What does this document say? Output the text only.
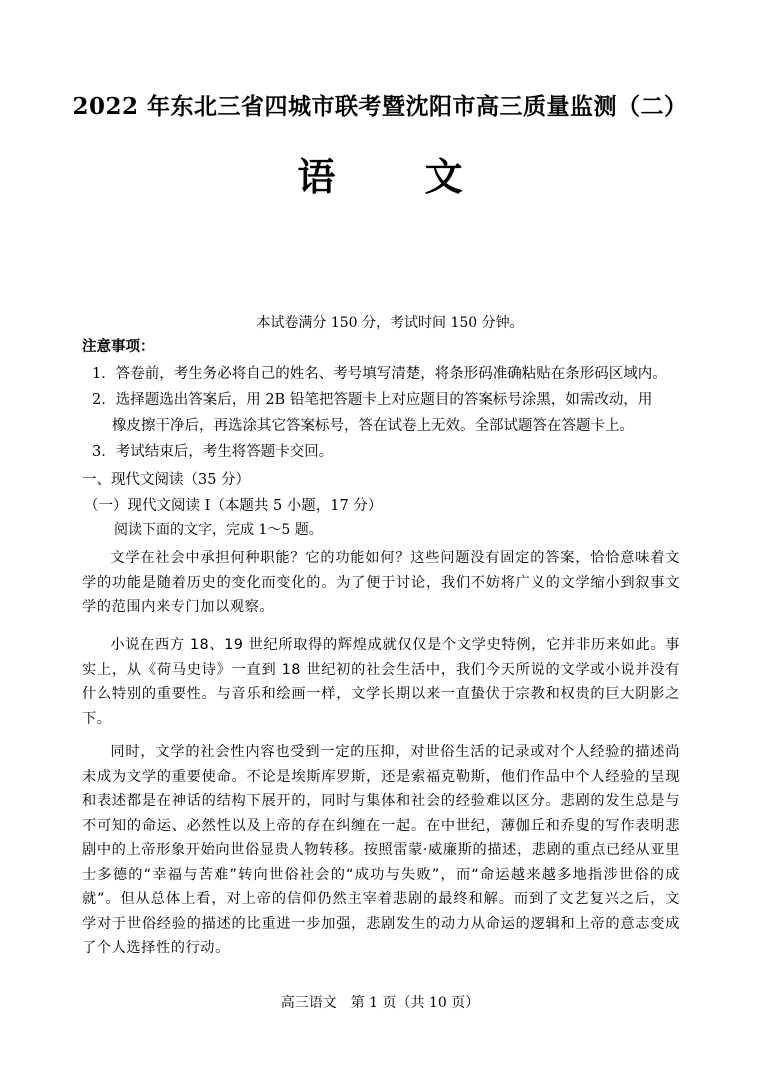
2022 年东北三省四城市联考暨沈阳市高三质量监测（二）
语 文
本试卷满分 150 分，考试时间 150 分钟。
注意事项：
1．答卷前，考生务必将自己的姓名、考号填写清楚，将条形码准确粘贴在条形码区域内。
2．选择题选出答案后，用 2B 铅笔把答题卡上对应题目的答案标号涂黑，如需改动，用
橡皮擦干净后，再选涂其它答案标号，答在试卷上无效。全部试题答在答题卡上。
3．考试结束后，考生将答题卡交回。
一、现代文阅读（35 分）
（一）现代文阅读 I（本题共 5 小题，17 分）
阅读下面的文字，完成 1～5 题。
文学在社会中承担何种职能？它的功能如何？这些问题没有固定的答案，恰恰意味着文学的功能是随着历史的变化而变化的。为了便于讨论，我们不妨将广义的文学缩小到叙事文学的范围内来专门加以观察。
小说在西方 18、19 世纪所取得的辉煌成就仅仅是个文学史特例，它并非历来如此。事实上，从《荷马史诗》一直到 18 世纪初的社会生活中，我们今天所说的文学或小说并没有什么特别的重要性。与音乐和绘画一样，文学长期以来一直蛰伏于宗教和权贵的巨大阴影之下。
同时，文学的社会性内容也受到一定的压抑，对世俗生活的记录或对个人经验的描述尚未成为文学的重要使命。不论是埃斯库罗斯，还是索福克勒斯，他们作品中个人经验的呈现和表述都是在神话的结构下展开的，同时与集体和社会的经验难以区分。悲剧的发生总是与不可知的命运、必然性以及上帝的存在纠缠在一起。在中世纪，薄伽丘和乔叟的写作表明悲剧中的上帝形象开始向世俗显贵人物转移。按照雷蒙·威廉斯的描述，悲剧的重点已经从亚里士多德的“幸福与苦难”转向世俗社会的“成功与失败”，而“命运越来越多地指涉世俗的成就”。但从总体上看，对上帝的信仰仍然主宰着悲剧的最终和解。而到了文艺复兴之后，文学对于世俗经验的描述的比重进一步加强，悲剧发生的动力从命运的逻辑和上帝的意志变成了个人选择性的行动。
高三语文　第 1 页（共 10 页）
